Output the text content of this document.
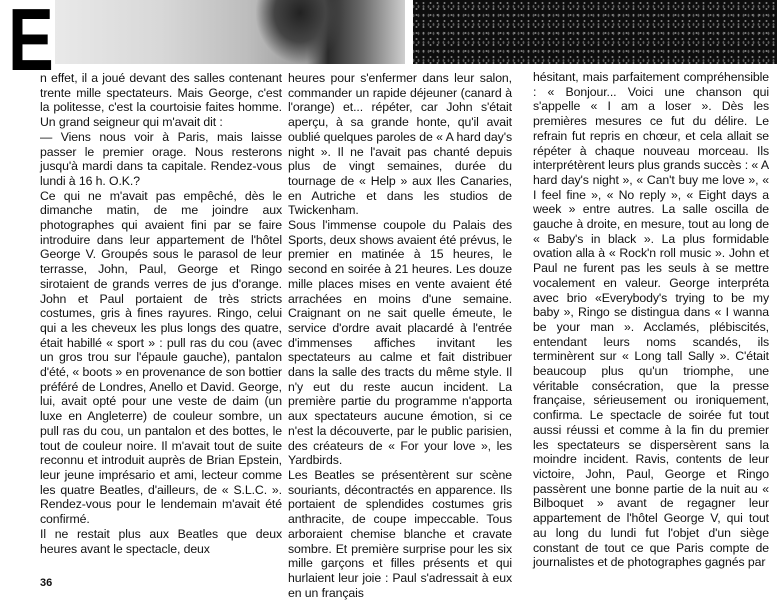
E

n effet, il a joué devant des salles contenant trente mille spectateurs. Mais George, c'est la politesse, c'est la courtoisie faites homme. Un grand seigneur qui m'avait dit :

— Viens nous voir à Paris, mais laisse passer le premier orage. Nous resterons jusqu'à mardi dans ta capitale. Rendez-vous lundi à 16 h. O.K.?

Ce qui ne m'avait pas empêché, dès le dimanche matin, de me joindre aux photographes qui avaient fini par se faire introduire dans leur appartement de l'hôtel George V. Groupés sous le parasol de leur terrasse, John, Paul, George et Ringo sirotaient de grands verres de jus d'orange. John et Paul portaient de très stricts costumes, gris à fines rayures. Ringo, celui qui a les cheveux les plus longs des quatre, était habillé « sport » : pull ras du cou (avec un gros trou sur l'épaule gauche), pantalon d'été, « boots » en provenance de son bottier préféré de Londres, Anello et David. George, lui, avait opté pour une veste de daim (un luxe en Angleterre) de couleur sombre, un pull ras du cou, un pantalon et des bottes, le tout de couleur noire. Il m'avait tout de suite reconnu et introduit auprès de Brian Epstein, leur jeune imprésario et ami, lecteur comme les quatre Beatles, d'ailleurs, de « S.L.C. ». Rendez-vous pour le lendemain m'avait été confirmé.

Il ne restait plus aux Beatles que deux heures avant le spectacle, deux

heures pour s'enfermer dans leur salon, commander un rapide déjeuner (canard à l'orange) et... répéter, car John s'était aperçu, à sa grande honte, qu'il avait oublié quelques paroles de « A hard day's night ». Il ne l'avait pas chanté depuis plus de vingt semaines, durée du tournage de « Help » aux Iles Canaries, en Autriche et dans les studios de Twickenham.

Sous l'immense coupole du Palais des Sports, deux shows avaient été prévus, le premier en matinée à 15 heures, le second en soirée à 21 heures. Les douze mille places mises en vente avaient été arrachées en moins d'une semaine. Craignant on ne sait quelle émeute, le service d'ordre avait placardé à l'entrée d'immenses affiches invitant les spectateurs au calme et fait distribuer dans la salle des tracts du même style. Il n'y eut du reste aucun incident. La première partie du programme n'apporta aux spectateurs aucune émotion, si ce n'est la découverte, par le public parisien, des créateurs de « For your love », les Yardbirds.

Les Beatles se présentèrent sur scène souriants, décontractés en apparence. Ils portaient de splendides costumes gris anthracite, de coupe impeccable. Tous arboraient chemise blanche et cravate sombre. Et première surprise pour les six mille garçons et filles présents et qui hurlaient leur joie : Paul s'adressait à eux en un français

hésitant, mais parfaitement compréhensible : « Bonjour... Voici une chanson qui s'appelle « I am a loser ». Dès les premières mesures ce fut du délire. Le refrain fut repris en chœur, et cela allait se répéter à chaque nouveau morceau. Ils interprétèrent leurs plus grands succès : « A hard day's night », « Can't buy me love », « I feel fine », « No reply », « Eight days a week » entre autres. La salle oscilla de gauche à droite, en mesure, tout au long de « Baby's in black ». La plus formidable ovation alla à « Rock'n roll music ». John et Paul ne furent pas les seuls à se mettre vocalement en valeur. George interpréta avec brio «Everybody's trying to be my baby », Ringo se distingua dans « I wanna be your man ». Acclamés, plébiscités, entendant leurs noms scandés, ils terminèrent sur « Long tall Sally ». C'était beaucoup plus qu'un triomphe, une véritable consécration, que la presse française, sérieusement ou ironiquement, confirma. Le spectacle de soirée fut tout aussi réussi et comme à la fin du premier les spectateurs se dispersèrent sans la moindre incident. Ravis, contents de leur victoire, John, Paul, George et Ringo passèrent une bonne partie de la nuit au « Bilboquet » avant de regagner leur appartement de l'hôtel George V, qui tout au long du lundi fut l'objet d'un siège constant de tout ce que Paris compte de journalistes et de photographes gagnés par

36
